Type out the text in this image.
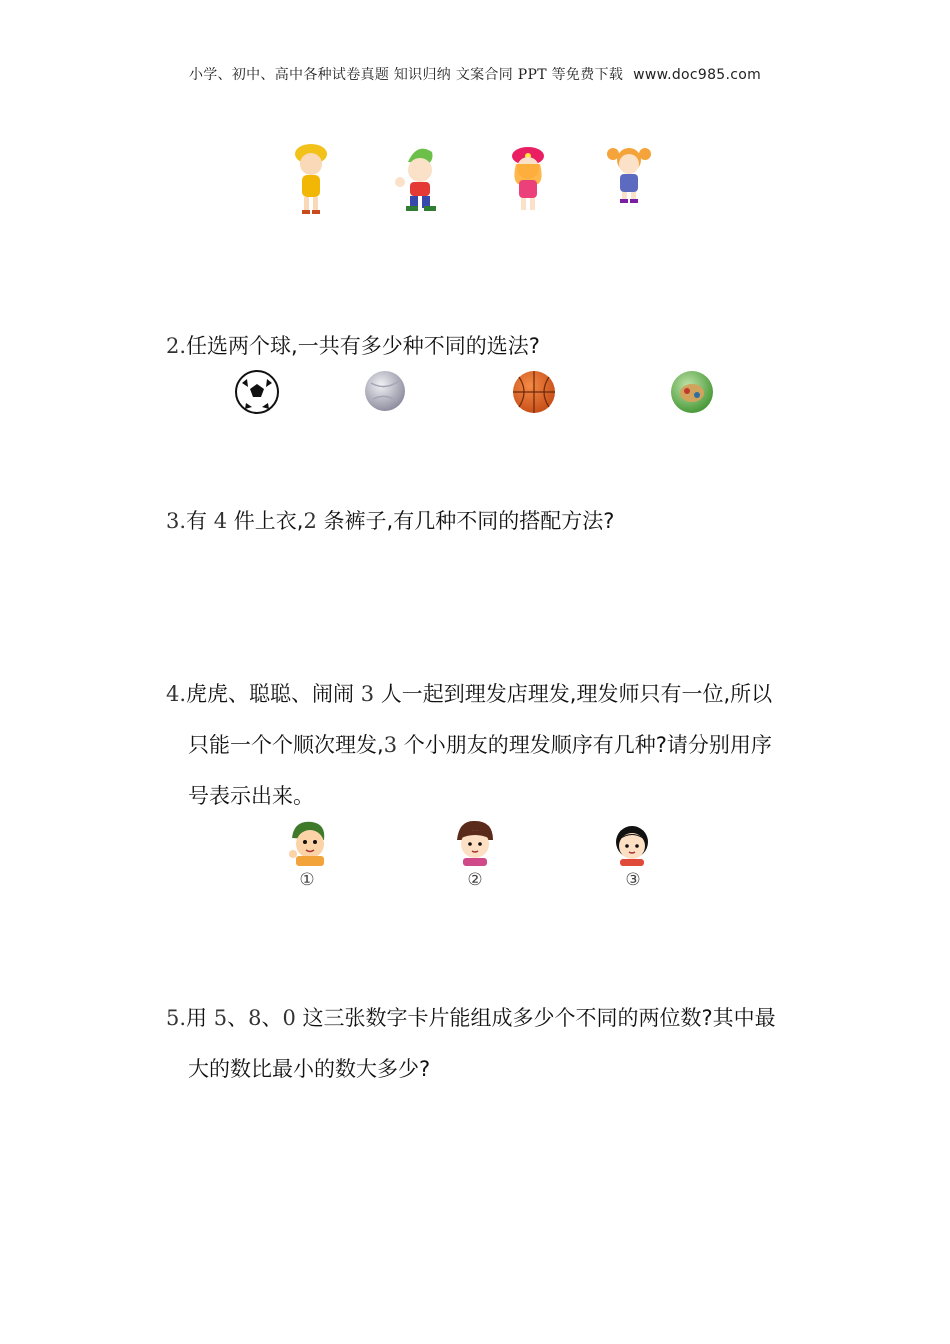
小学、初中、高中各种试卷真题 知识归纳 文案合同 PPT 等免费下载 www.doc985.com
2.任选两个球,一共有多少种不同的选法?
3.有 4 件上衣,2 条裤子,有几种不同的搭配方法?
4.虎虎、聪聪、闹闹 3 人一起到理发店理发,理发师只有一位,所以
只能一个个顺次理发,3 个小朋友的理发顺序有几种?请分别用序
号表示出来。
①	②	③
5.用 5、8、0 这三张数字卡片能组成多少个不同的两位数?其中最
大的数比最小的数大多少?
